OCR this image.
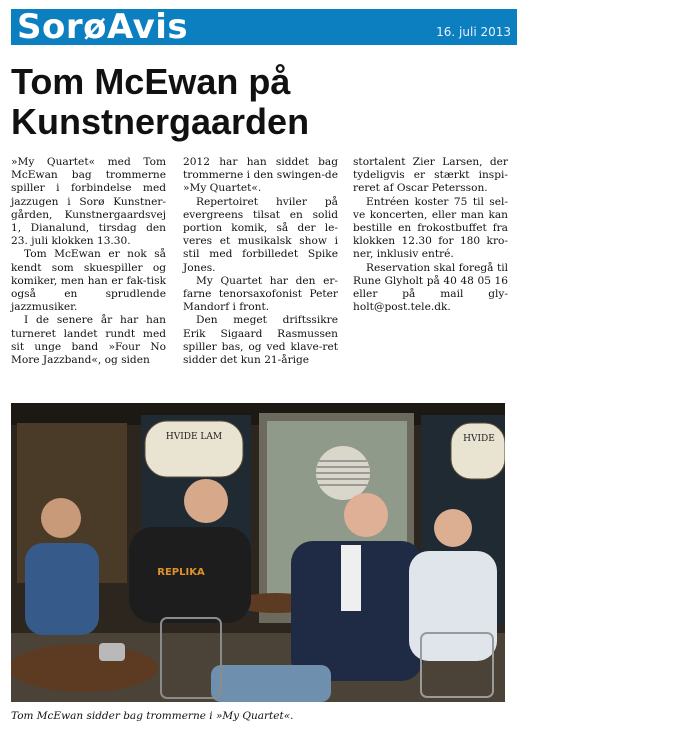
SorøAvis	16. juli 2013
Tom McEwan på Kunstnergaarden

»My Quartet« med Tom McEwan bag trommerne spiller i forbindelse med jazzugen i Sorø Kunstner-gården, Kunstnergaardsvej 1, Dianalund, tirsdag den 23. juli klokken 13.30.

Tom McEwan er nok så kendt som skuespiller og komiker, men han er fak-tisk også en sprudlende jazzmusiker.

I de senere år har han turneret landet rundt med sit unge band »Four No More Jazzband«, og siden

2012 har han siddet bag trommerne i den swingen-de »My Quartet«.

Repertoiret hviler på evergreens tilsat en solid portion komik, så der le-veres et musikalsk show i stil med forbilledet Spike Jones.

My Quartet har den er-farne tenorsaxofonist Peter Mandorf i front.

Den meget driftssikre Erik Sigaard Rasmussen spiller bas, og ved klave-ret sidder det kun 21-årige

stortalent Zier Larsen, der tydeligvis er stærkt inspi-reret af Oscar Petersson.

Entréen koster 75 til sel-ve koncerten, eller man kan bestille en frokostbuffet fra klokken 12.30 for 180 kro-ner, inklusiv entré.

Reservation skal foregå til Rune Glyholt på 40 48 05 16 eller på mail gly-holt@post.tele.dk.

HVIDE LAM	HVIDE
REPLIKA
Tom McEwan sidder bag trommerne i »My Quartet«.
